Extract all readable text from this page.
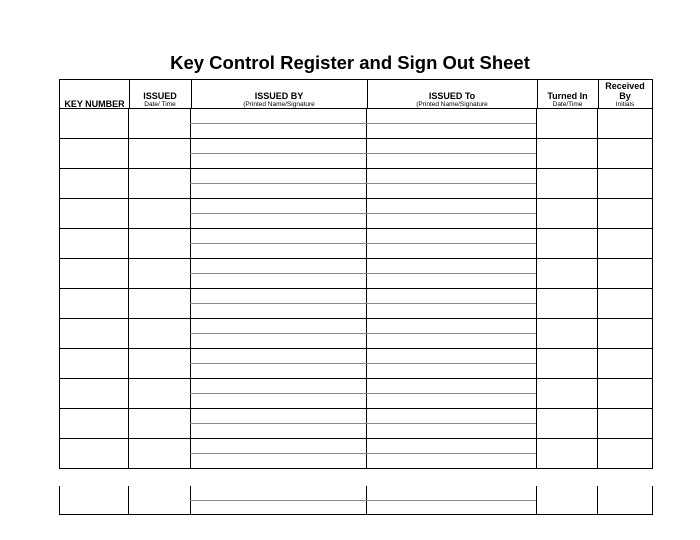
Key Control Register and Sign Out Sheet
KEY NUMBER
ISSUED
Date/ Time
ISSUED BY
(Printed Name/Signature
ISSUED To
(Printed Name/Signature
Turned In
Date/Time
Received
By
Initials
